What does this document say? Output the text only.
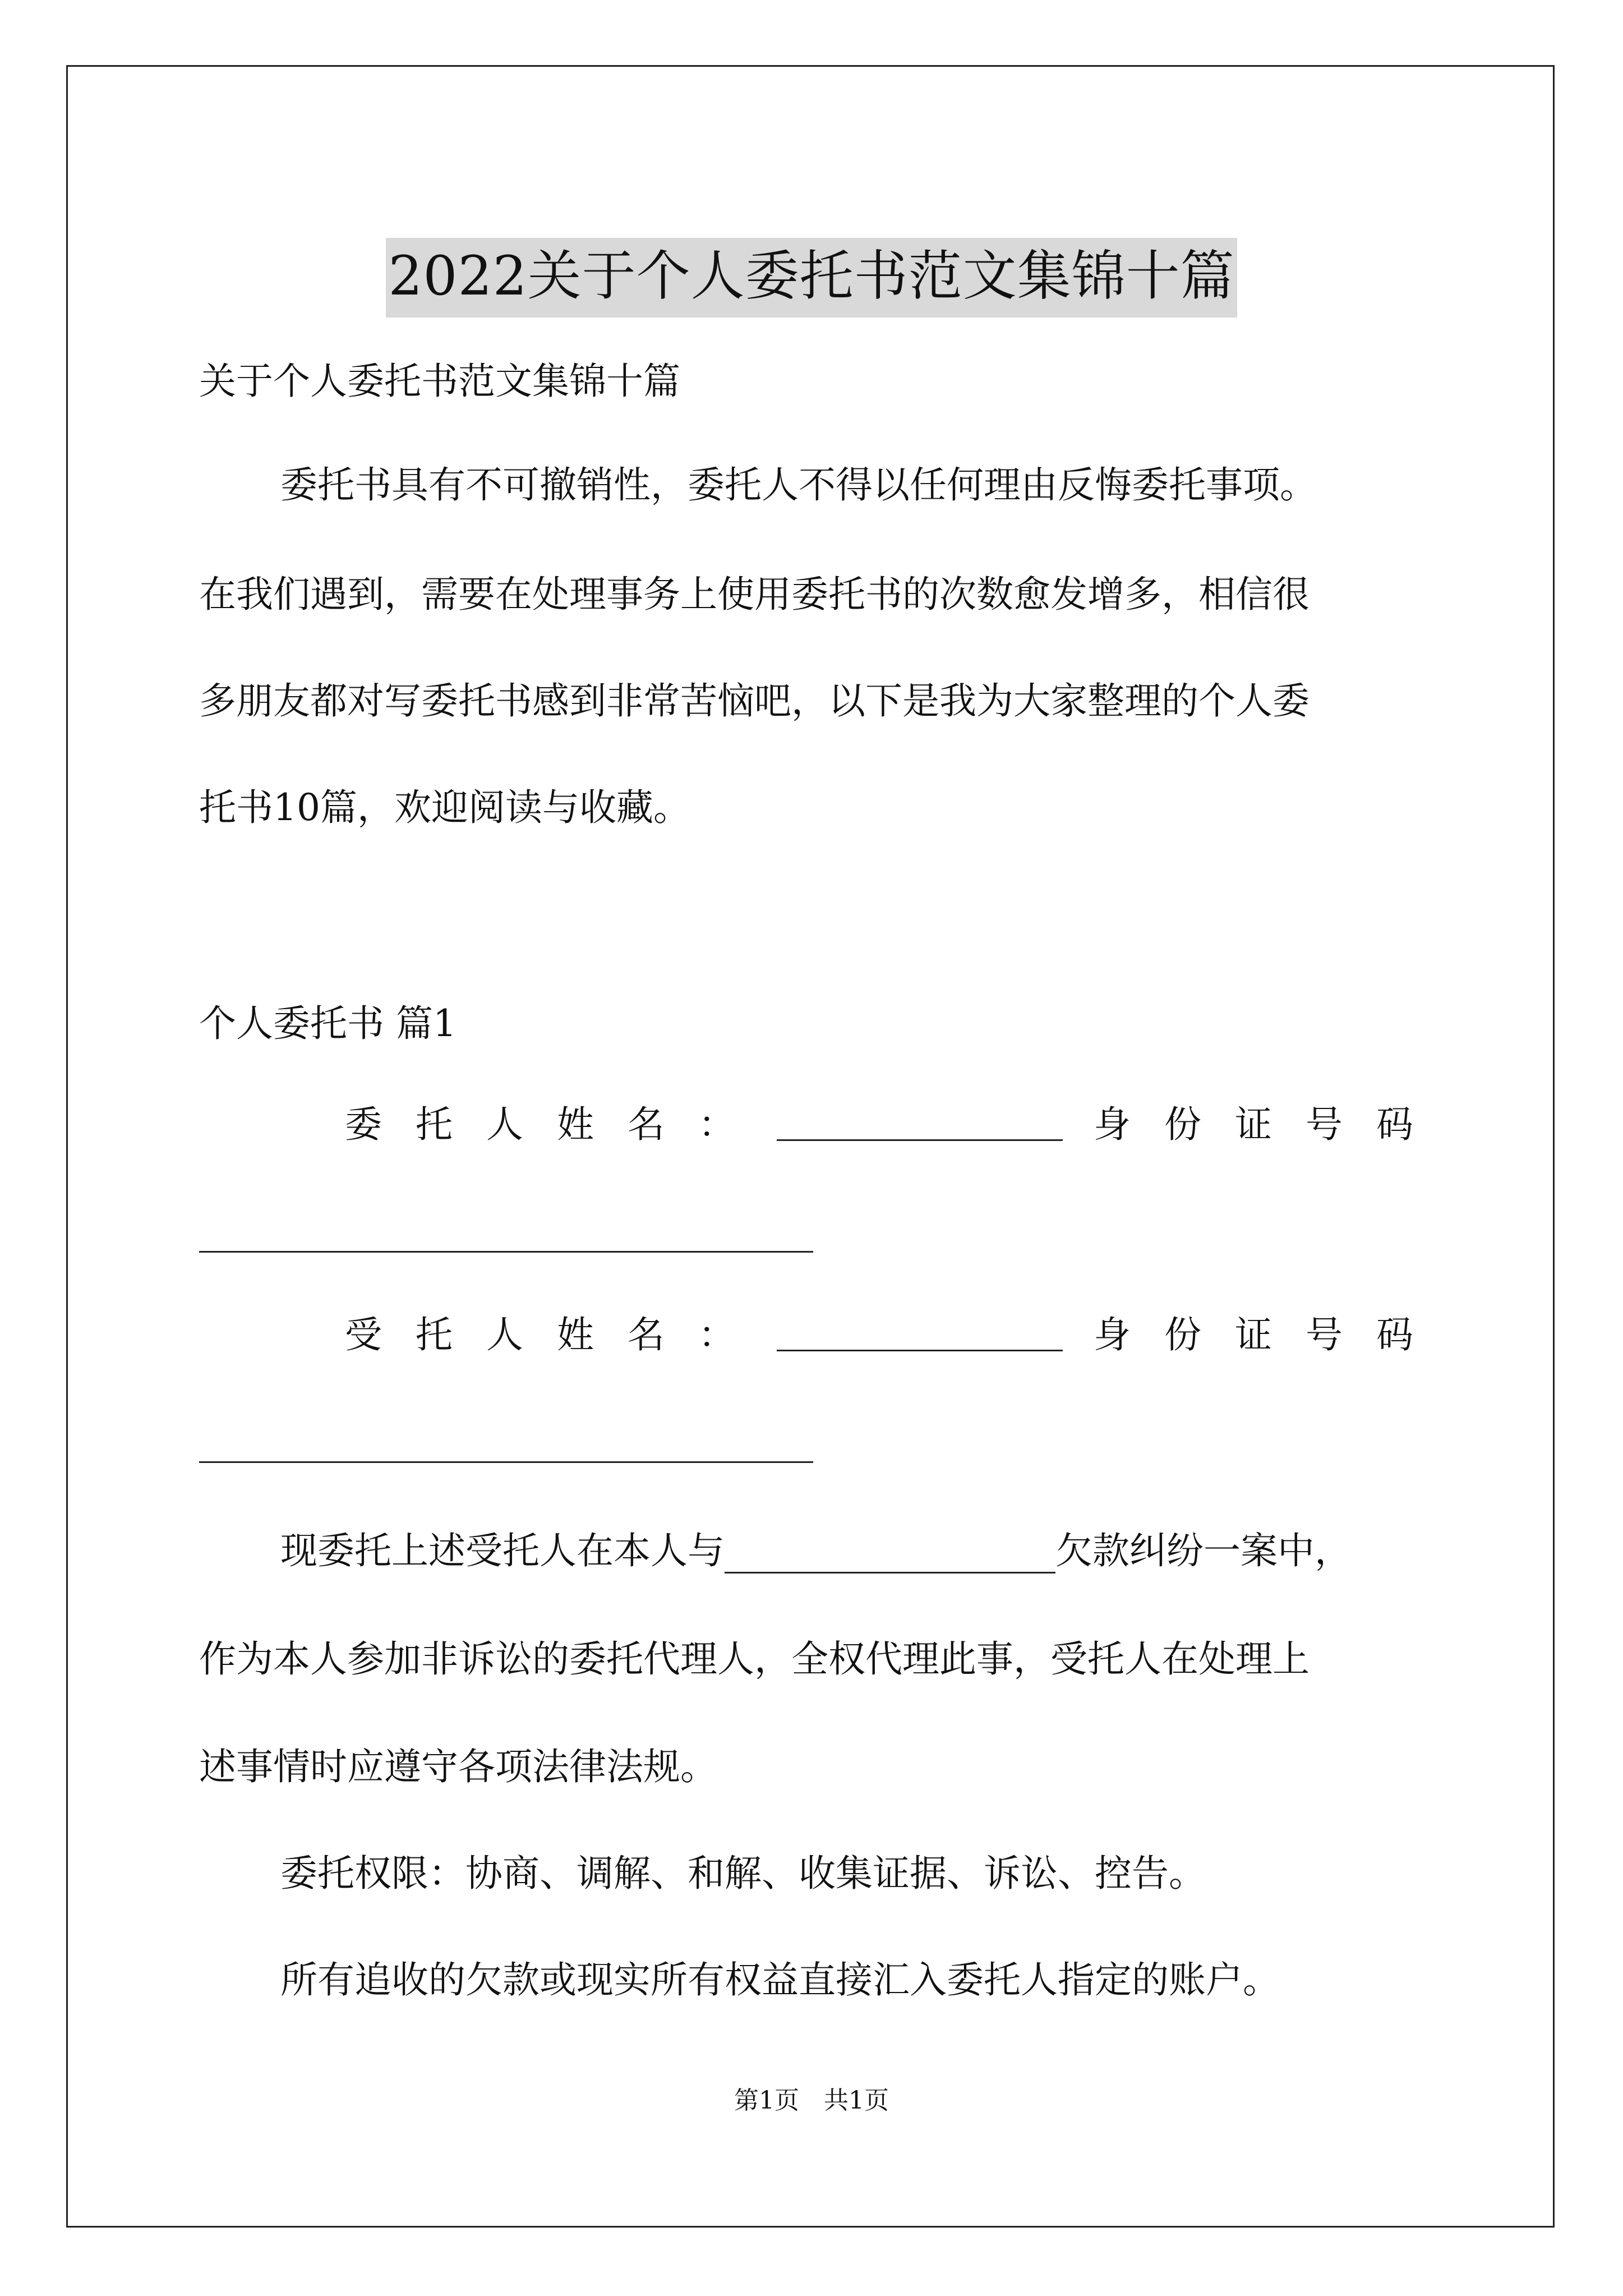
2022关于个人委托书范文集锦十篇
关于个人委托书范文集锦十篇
委托书具有不可撤销性，委托人不得以任何理由反悔委托事项。
在我们遇到，需要在处理事务上使用委托书的次数愈发增多，相信很
多朋友都对写委托书感到非常苦恼吧，以下是我为大家整理的个人委
托书10篇，欢迎阅读与收藏。
个人委托书 篇1
委托人姓名：	身份证号码
受托人姓名：	身份证号码
现委托上述受托人在本人与	欠款纠纷一案中，
作为本人参加非诉讼的委托代理人，全权代理此事，受托人在处理上
述事情时应遵守各项法律法规。
委托权限：协商、调解、和解、收集证据、诉讼、控告。
所有追收的欠款或现实所有权益直接汇入委托人指定的账户。
第1页　共1页
